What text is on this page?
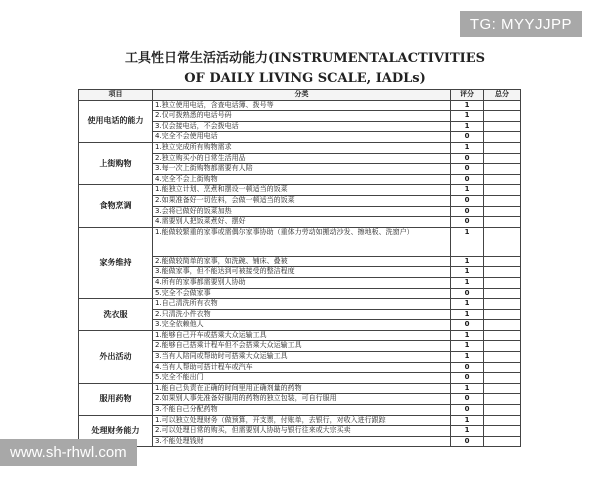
TG: MYYJJPP
工具性日常生活活动能力(INSTRUMENTALACTIVITIES
OF DAILY LIVING SCALE, IADLs)
项目	分类	评分	总分
使用电话的能力	1.独立使用电话，含查电话簿、拨号等	1	
	2.仅可拨熟悉的电话号码	1	
	3.仅会接电话，不会拨电话	1	
	4.完全不会使用电话	0	
上街购物	1.独立完成所有购物需求	1	
	2.独立购买小的日常生活用品	0	
	3.每一次上街购物都需要有人陪	0	
	4.完全不会上街购物	0	
食物烹调	1.能独立计划、烹煮和摆设一顿适当的饭菜	1	
	2.如果准备好一切佐料，会做一顿适当的饭菜	0	
	3.会将已做好的饭菜加热	0	
	4.需要别人把饭菜煮好、摆好	0	
家务维持	1.能做较繁重的家事或需偶尔家事协助（重体力劳动如搬动沙发、擦地板、洗窗户）	1	
	2.能做较简单的家事，如洗碗、铺床、叠被	1	
	3.能做家事，但不能达到可被接受的整洁程度	1	
	4.所有的家事都需要别人协助	1	
	5.完全不会做家事	0	
洗衣服	1.自己清洗所有衣物	1	
	2.只清洗小件衣物	1	
	3.完全依赖他人	0	
外出活动	1.能够自己开车或搭乘大众运输工具	1	
	2.能够自己搭乘计程车但不会搭乘大众运输工具	1	
	3.当有人陪同或帮助时可搭乘大众运输工具	1	
	4.当有人帮助可搭计程车或汽车	0	
	5.完全不能出门	0	
服用药物	1.能自己负责在正确的时间里用正确剂量的药物	1	
	2.如果别人事先准备好服用的药物的独立包装，可自行服用	0	
	3.不能自己分配药物	0	
处理财务能力	1.可以独立处理财务（做预算，开支票，付账单，去银行，对收入进行跟踪	1	
	2.可以处理日常的购买，但需要别人协助与银行往来或大宗买卖	1	
	3.不能处理钱财	0	
www.sh-rhwl.com
